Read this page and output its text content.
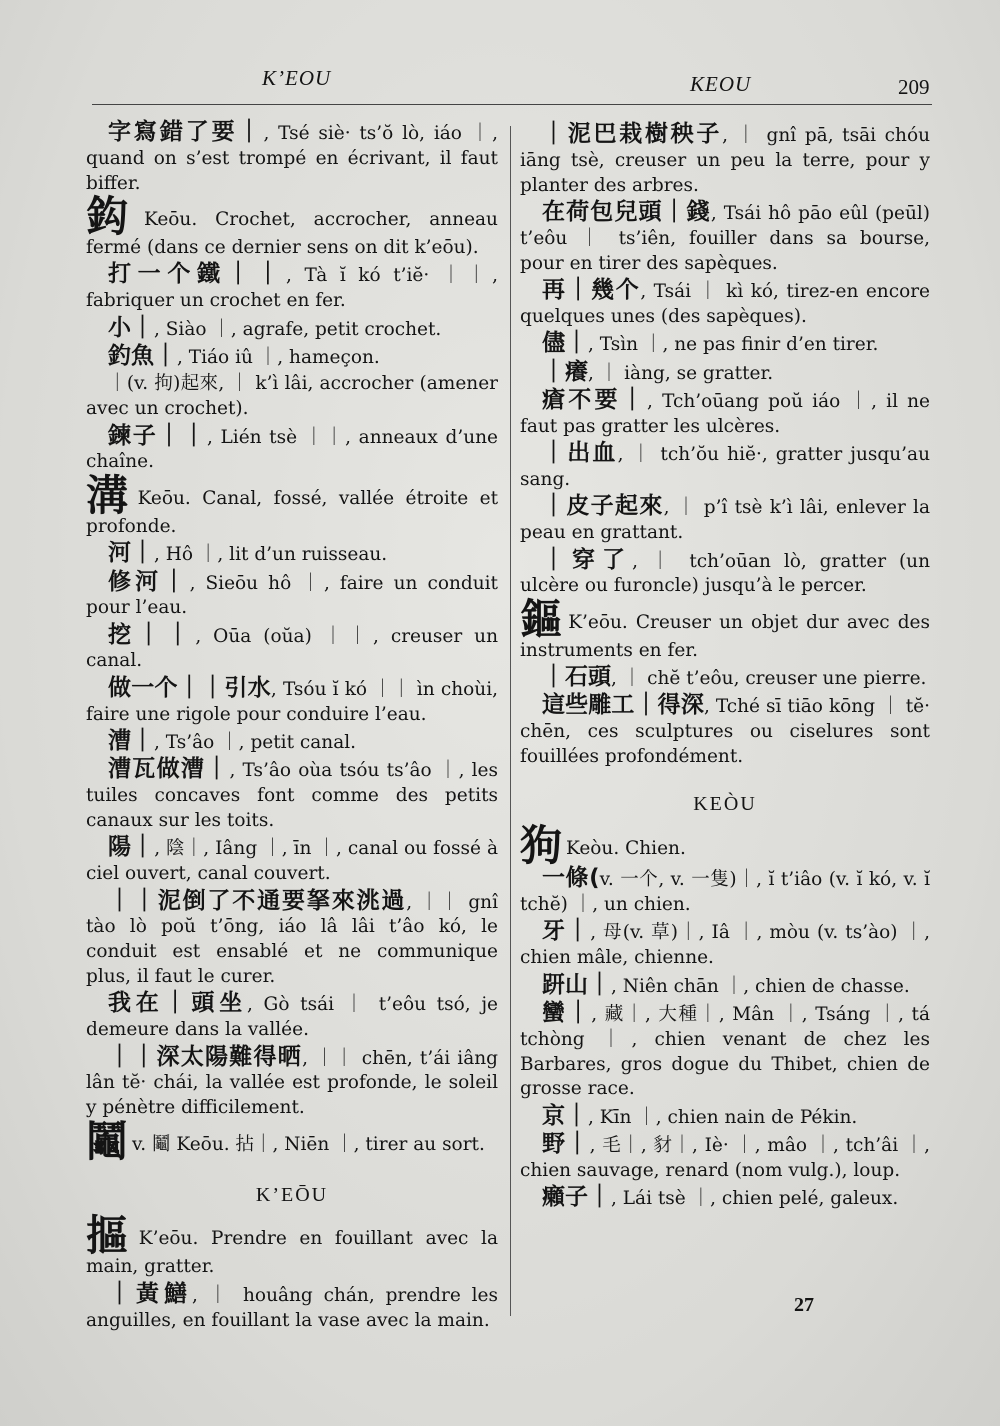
K’EOU	KEOU	209
字寫錯了要｜, Tsé siè· ts’ŏ lò, iáo ｜, quand on s’est trompé en écrivant, il faut biffer.
鈎 Keōu. Crochet, accrocher, anneau fermé (dans ce dernier sens on dit k’eōu).
打一个鐵｜｜, Tà ĭ kó t’iĕ· ｜｜, fabriquer un crochet en fer.
小｜, Siào ｜, agrafe, petit crochet.
釣魚｜, Tiáo iû ｜, hameçon.
｜(v. 拘)起來, ｜ k’ì lâi, accrocher (amener avec un crochet).
鍊子｜｜, Lién tsè ｜｜, anneaux d’une chaîne.
溝 Keōu. Canal, fossé, vallée étroite et profonde.
河｜, Hô ｜, lit d’un ruisseau.
修河｜, Sieōu hô ｜, faire un conduit pour l’eau.
挖｜｜, Oūa (oŭa) ｜｜, creuser un canal.
做一个｜｜引水, Tsóu ĭ kó ｜｜ ìn choùi, faire une rigole pour conduire l’eau.
漕｜, Ts’âo ｜, petit canal.
漕瓦做漕｜, Ts’âo oùa tsóu ts’âo ｜, les tuiles concaves font comme des petits canaux sur les toits.
陽｜, 陰｜, Iâng ｜, īn ｜, canal ou fossé à ciel ouvert, canal couvert.
｜｜泥倒了不通要拏來洮過, ｜｜ gnî tào lò poŭ t’ōng, iáo lâ lâi t’âo kó, le conduit est ensablé et ne communique plus, il faut le curer.
我在｜頭坐, Gò tsái ｜ t’eôu tsó, je demeure dans la vallée.
｜｜深太陽難得晒, ｜｜ chēn, t’ái iâng lân tĕ· chái, la vallée est profonde, le soleil y pénètre difficilement.
鬮v. 鬮 Keōu. 拈｜, Niēn ｜, tirer au sort.
K’EŌU
摳 K’eōu. Prendre en fouillant avec la main, gratter.
｜黃鱔, ｜ houâng chán, prendre les anguilles, en fouillant la vase avec la main.
｜泥巴栽樹秧子, ｜ gnî pā, tsāi chóu iāng tsè, creuser un peu la terre, pour y planter des arbres.
在荷包兒頭｜錢, Tsái hô pāo eûl (peūl) t’eôu ｜ ts’iên, fouiller dans sa bourse, pour en tirer des sapèques.
再｜幾个, Tsái ｜ kì kó, tirez-en encore quelques unes (des sapèques).
儘｜, Tsìn ｜, ne pas finir d’en tirer.
｜癢, ｜ iàng, se gratter.
瘡不要｜, Tch’oūang poŭ iáo ｜, il ne faut pas gratter les ulcères.
｜出血, ｜ tch’ŏu hiĕ·, gratter jusqu’au sang.
｜皮子起來, ｜ p’î tsè k’ì lâi, enlever la peau en grattant.
｜穿了, ｜ tch’oūan lò, gratter (un ulcère ou furoncle) jusqu’à le percer.
鏂 K’eōu. Creuser un objet dur avec des instruments en fer.
｜石頭, ｜ chĕ t’eôu, creuser une pierre.
這些雕工｜得深, Tché sī tiāo kōng ｜ tĕ· chēn, ces sculptures ou ciselures sont fouillées profondément.
KEÒU
狗 Keòu. Chien.
一條(v. 一个, v. 一隻)｜, ĭ t’iâo (v. ĭ kó, v. ĭ tchĕ) ｜, un chien.
牙｜, 母(v. 草)｜, Iâ ｜, mòu (v. ts’ào) ｜, chien mâle, chienne.
趼山｜, Niên chān ｜, chien de chasse.
蠻｜, 藏｜, 大種｜, Mân ｜, Tsáng ｜, tá tchòng ｜, chien venant de chez les Barbares, gros dogue du Thibet, chien de grosse race.
京｜, Kīn ｜, chien nain de Pékin.
野｜, 毛｜, 豺｜, Iè· ｜, mâo ｜, tch’âi ｜, chien sauvage, renard (nom vulg.), loup.
癩子｜, Lái tsè ｜, chien pelé, galeux.
27
